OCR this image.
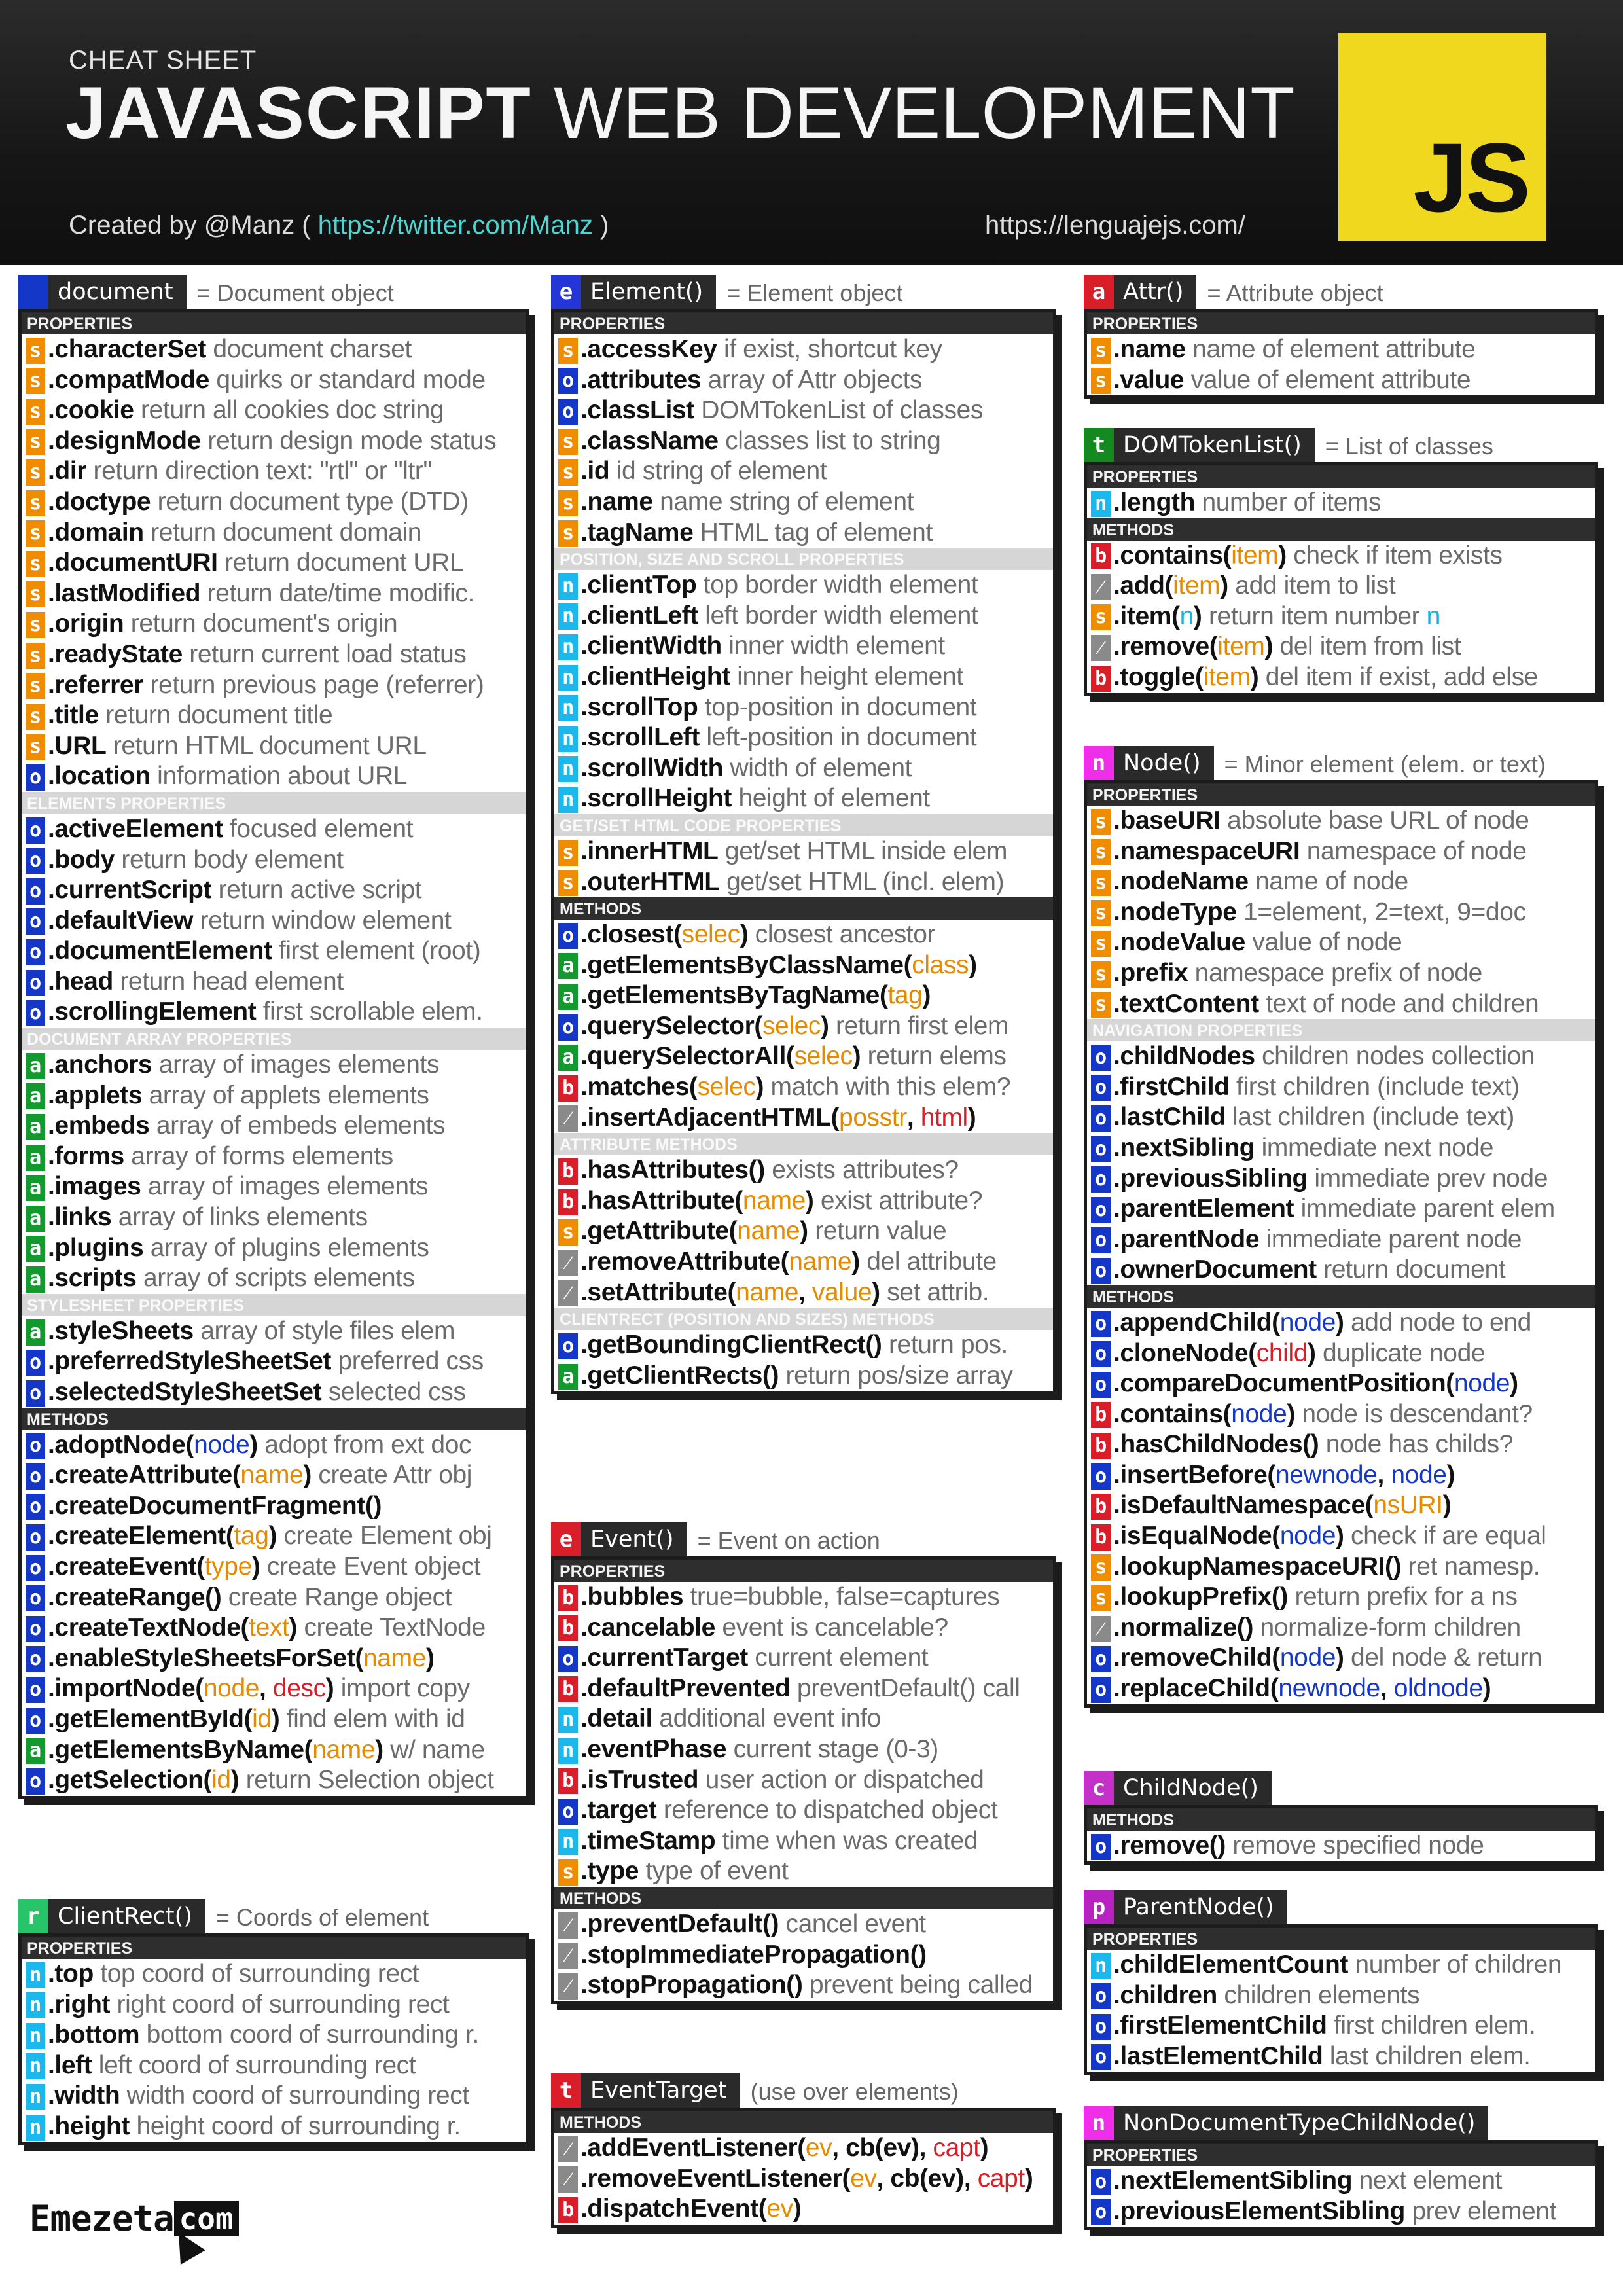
CHEAT SHEET
JAVASCRIPT WEB DEVELOPMENT
Created by @Manz ( https://twitter.com/Manz )	https://lenguajejs.com/ JS
document	= Document object
PROPERTIES
s .characterSet document charset
s .compatMode quirks or standard mode
s .cookie return all cookies doc string
s .designMode return design mode status
s .dir return direction text: "rtl" or "ltr"
s .doctype return document type (DTD)
s .domain return document domain
s .documentURI return document URL
s .lastModified return date/time modific.
s .origin return document's origin
s .readyState return current load status
s .referrer return previous page (referrer)
s .title return document title
s .URL return HTML document URL
o .location information about URL
ELEMENTS PROPERTIES
o .activeElement focused element
o .body return body element
o .currentScript return active script
o .defaultView return window element
o .documentElement first element (root)
o .head return head element
o .scrollingElement first scrollable elem.
DOCUMENT ARRAY PROPERTIES
a .anchors array of images elements
a .applets array of applets elements
a .embeds array of embeds elements
a .forms array of forms elements
a .images array of images elements
a .links array of links elements
a .plugins array of plugins elements
a .scripts array of scripts elements
STYLESHEET PROPERTIES
a .styleSheets array of style files elem
o .preferredStyleSheetSet preferred css
o .selectedStyleSheetSet selected css
METHODS
o .adoptNode(node) adopt from ext doc
o .createAttribute(name) create Attr obj
o .createDocumentFragment()
o .createElement(tag) create Element obj
o .createEvent(type) create Event object
o .createRange() create Range object
o .createTextNode(text) create TextNode
o .enableStyleSheetsForSet(name)
o .importNode(node, desc) import copy
o .getElementById(id) find elem with id
a .getElementsByName(name) w/ name
o .getSelection(id) return Selection object
r ClientRect()	= Coords of element
PROPERTIES
n .top top coord of surrounding rect
n .right right coord of surrounding rect
n .bottom bottom coord of surrounding r.
n .left left coord of surrounding rect
n .width width coord of surrounding rect
n .height height coord of surrounding r.
e Element()	= Element object
PROPERTIES
s .accessKey if exist, shortcut key
o .attributes array of Attr objects
o .classList DOMTokenList of classes
s .className classes list to string
s .id id string of element
s .name name string of element
s .tagName HTML tag of element
POSITION, SIZE AND SCROLL PROPERTIES
n .clientTop top border width element
n .clientLeft left border width element
n .clientWidth inner width element
n .clientHeight inner height element
n .scrollTop top-position in document
n .scrollLeft left-position in document
n .scrollWidth width of element
n .scrollHeight height of element
GET/SET HTML CODE PROPERTIES
s .innerHTML get/set HTML inside elem
s .outerHTML get/set HTML (incl. elem)
METHODS
o .closest(selec) closest ancestor
a .getElementsByClassName(class)
a .getElementsByTagName(tag)
o .querySelector(selec) return first elem
a .querySelectorAll(selec) return elems
b .matches(selec) match with this elem?
⁄ .insertAdjacentHTML(posstr, html)
ATTRIBUTE METHODS
b .hasAttributes() exists attributes?
b .hasAttribute(name) exist attribute?
s .getAttribute(name) return value
⁄ .removeAttribute(name) del attribute
⁄ .setAttribute(name, value) set attrib.
CLIENTRECT (POSITION AND SIZES) METHODS
o .getBoundingClientRect() return pos.
a .getClientRects() return pos/size array
e Event()	= Event on action
PROPERTIES
b .bubbles true=bubble, false=captures
b .cancelable event is cancelable?
o .currentTarget current element
b .defaultPrevented preventDefault() call
n .detail additional event info
n .eventPhase current stage (0-3)
b .isTrusted user action or dispatched
o .target reference to dispatched object
n .timeStamp time when was created
s .type type of event
METHODS
⁄ .preventDefault() cancel event
⁄ .stopImmediatePropagation()
⁄ .stopPropagation() prevent being called
t EventTarget	(use over elements)
METHODS
⁄ .addEventListener(ev, cb(ev), capt)
⁄ .removeEventListener(ev, cb(ev), capt)
b .dispatchEvent(ev)
a Attr()	= Attribute object
PROPERTIES
s .name name of element attribute
s .value value of element attribute
t DOMTokenList()	= List of classes
PROPERTIES
n .length number of items
METHODS
b .contains(item) check if item exists
⁄ .add(item) add item to list
s .item(n) return item number n
⁄ .remove(item) del item from list
b .toggle(item) del item if exist, add else
n Node()	= Minor element (elem. or text)
PROPERTIES
s .baseURI absolute base URL of node
s .namespaceURI namespace of node
s .nodeName name of node
s .nodeType 1=element, 2=text, 9=doc
s .nodeValue value of node
s .prefix namespace prefix of node
s .textContent text of node and children
NAVIGATION PROPERTIES
o .childNodes children nodes collection
o .firstChild first children (include text)
o .lastChild last children (include text)
o .nextSibling immediate next node
o .previousSibling immediate prev node
o .parentElement immediate parent elem
o .parentNode immediate parent node
o .ownerDocument return document
METHODS
o .appendChild(node) add node to end
o .cloneNode(child) duplicate node
o .compareDocumentPosition(node)
b .contains(node) node is descendant?
b .hasChildNodes() node has childs?
o .insertBefore(newnode, node)
b .isDefaultNamespace(nsURI)
b .isEqualNode(node) check if are equal
s .lookupNamespaceURI() ret namesp.
s .lookupPrefix() return prefix for a ns
⁄ .normalize() normalize-form children
o .removeChild(node) del node & return
o .replaceChild(newnode, oldnode)
c ChildNode()
METHODS
o .remove() remove specified node
p ParentNode()
PROPERTIES
n .childElementCount number of children
o .children children elements
o .firstElementChild first children elem.
o .lastElementChild last children elem.
n NonDocumentTypeChildNode()
PROPERTIES
o .nextElementSibling next element
o .previousElementSibling prev element
Emezeta com
